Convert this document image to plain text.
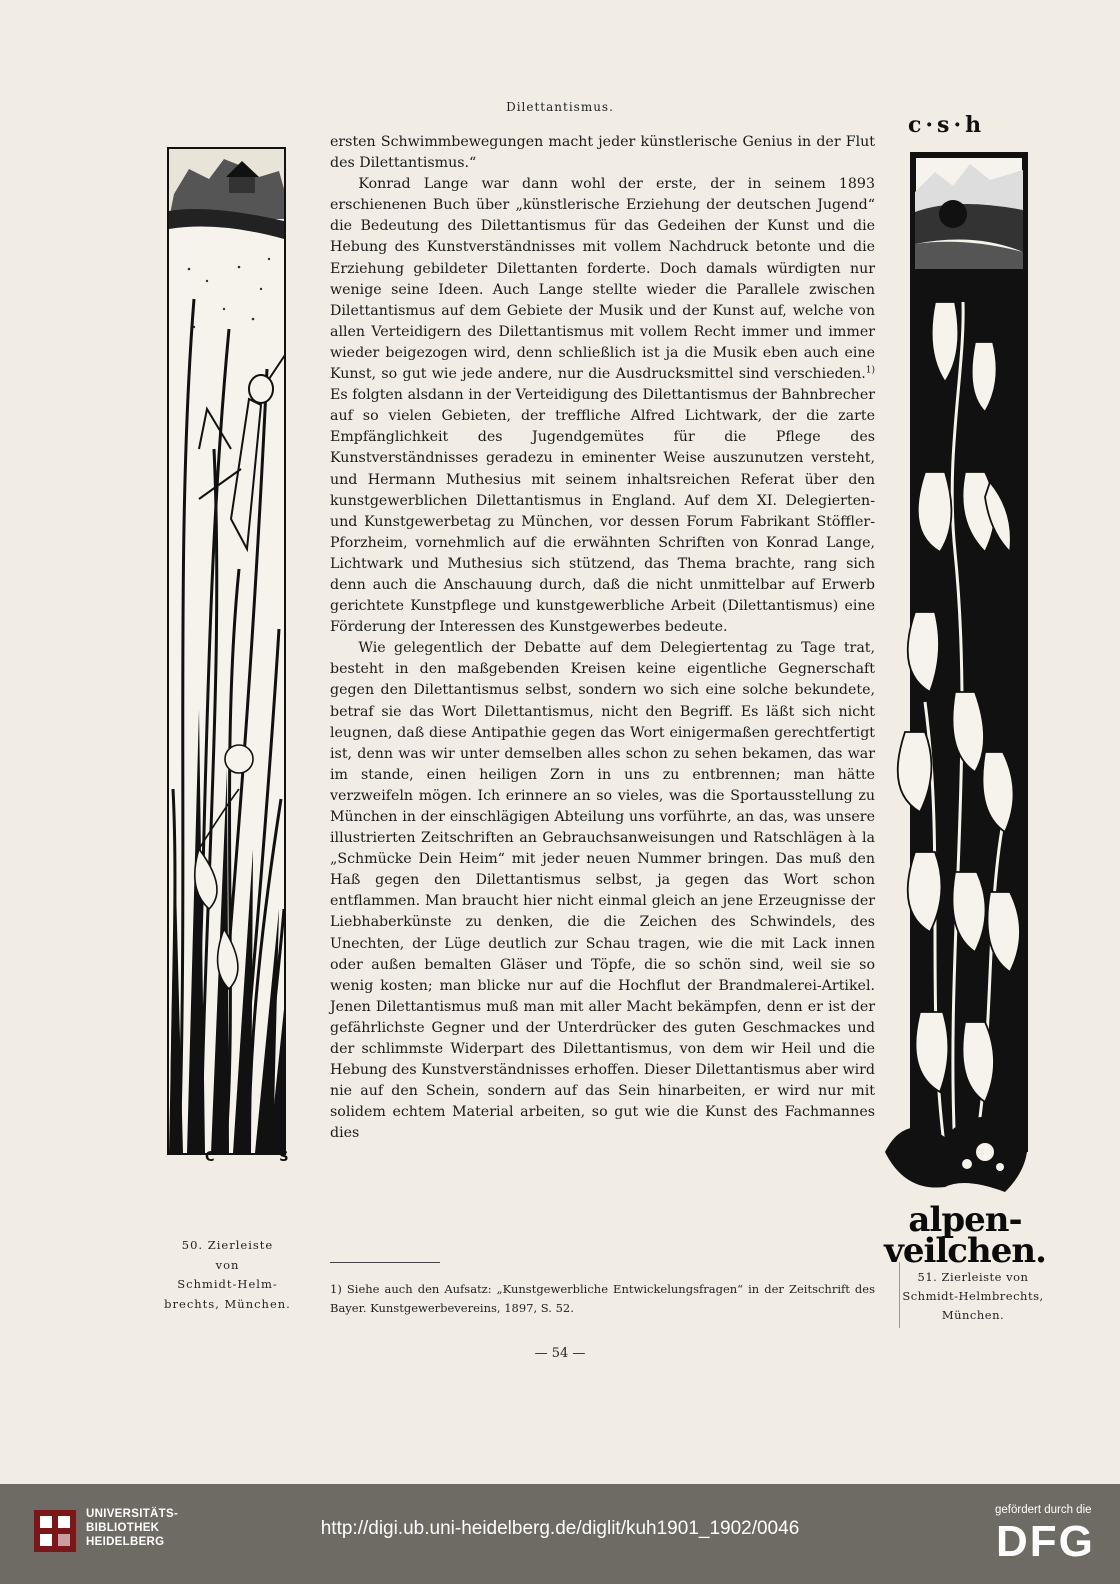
Dilettantismus.
C S

ersten Schwimmbewegungen macht jeder künstlerische Genius in der Flut des Dilettantismus.“

Konrad Lange war dann wohl der erste, der in seinem 1893 erschienenen Buch über „künstlerische Erziehung der deutschen Jugend“ die Bedeutung des Dilettantismus für das Gedeihen der Kunst und die Hebung des Kunstverständnisses mit vollem Nachdruck betonte und die Erziehung gebildeter Dilettanten forderte. Doch damals würdigten nur wenige seine Ideen. Auch Lange stellte wieder die Parallele zwischen Dilettantismus auf dem Gebiete der Musik und der Kunst auf, welche von allen Verteidigern des Dilettantismus mit vollem Recht immer und immer wieder beigezogen wird, denn schließlich ist ja die Musik eben auch eine Kunst, so gut wie jede andere, nur die Ausdrucksmittel sind verschieden.$^{1)}$ Es folgten alsdann in der Verteidigung des Dilettantismus der Bahnbrecher auf so vielen Gebieten, der treffliche Alfred Lichtwark, der die zarte Empfänglichkeit des Jugendgemütes für die Pflege des Kunstverständnisses geradezu in eminenter Weise auszunutzen versteht, und Hermann Muthesius mit seinem inhaltsreichen Referat über den kunstgewerblichen Dilettantismus in England. Auf dem XI. Delegierten- und Kunstgewerbetag zu München, vor dessen Forum Fabrikant Stöffler-Pforzheim, vornehmlich auf die erwähnten Schriften von Konrad Lange, Lichtwark und Muthesius sich stützend, das Thema brachte, rang sich denn auch die Anschauung durch, daß die nicht unmittelbar auf Erwerb gerichtete Kunstpflege und kunstgewerbliche Arbeit (Dilettantismus) eine Förderung der Interessen des Kunstgewerbes bedeute.

Wie gelegentlich der Debatte auf dem Delegiertentag zu Tage trat, besteht in den maßgebenden Kreisen keine eigentliche Gegnerschaft gegen den Dilettantismus selbst, sondern wo sich eine solche bekundete, betraf sie das Wort Dilettantismus, nicht den Begriff. Es läßt sich nicht leugnen, daß diese Antipathie gegen das Wort einigermaßen gerechtfertigt ist, denn was wir unter demselben alles schon zu sehen bekamen, das war im stande, einen heiligen Zorn in uns zu entbrennen; man hätte verzweifeln mögen. Ich erinnere an so vieles, was die Sportausstellung zu München in der einschlägigen Abteilung uns vorführte, an das, was unsere illustrierten Zeitschriften an Gebrauchsanweisungen und Ratschlägen à la „Schmücke Dein Heim“ mit jeder neuen Nummer bringen. Das muß den Haß gegen den Dilettantismus selbst, ja gegen das Wort schon entflammen. Man braucht hier nicht einmal gleich an jene Erzeugnisse der Liebhaberkünste zu denken, die die Zeichen des Schwindels, des Unechten, der Lüge deutlich zur Schau tragen, wie die mit Lack innen oder außen bemalten Gläser und Töpfe, die so schön sind, weil sie so wenig kosten; man blicke nur auf die Hochflut der Brandmalerei-Artikel. Jenen Dilettantismus muß man mit aller Macht bekämpfen, denn er ist der gefährlichste Gegner und der Unterdrücker des guten Geschmackes und der schlimmste Widerpart des Dilettantismus, von dem wir Heil und die Hebung des Kunstverständnisses erhoffen. Dieser Dilettantismus aber wird nie auf den Schein, sondern auf das Sein hinarbeiten, er wird nur mit solidem echtem Material arbeiten, so gut wie die Kunst des Fachmannes dies

1) Siehe auch den Aufsatz: „Kunstgewerbliche Entwickelungsfragen“ in der Zeitschrift des Bayer. Kunstgewerbevereins, 1897, S. 52.
— 54 —
c·s·h
alpen-
veilchen.
50. Zierleiste
von
Schmidt-Helm-
brechts, München.
51. Zierleiste von
Schmidt-Helmbrechts,
München.
UNIVERSITÄTS-
BIBLIOTHEK
HEIDELBERG
http://digi.ub.uni-heidelberg.de/diglit/kuh1901_1902/0046
gefördert durch die
DFG
